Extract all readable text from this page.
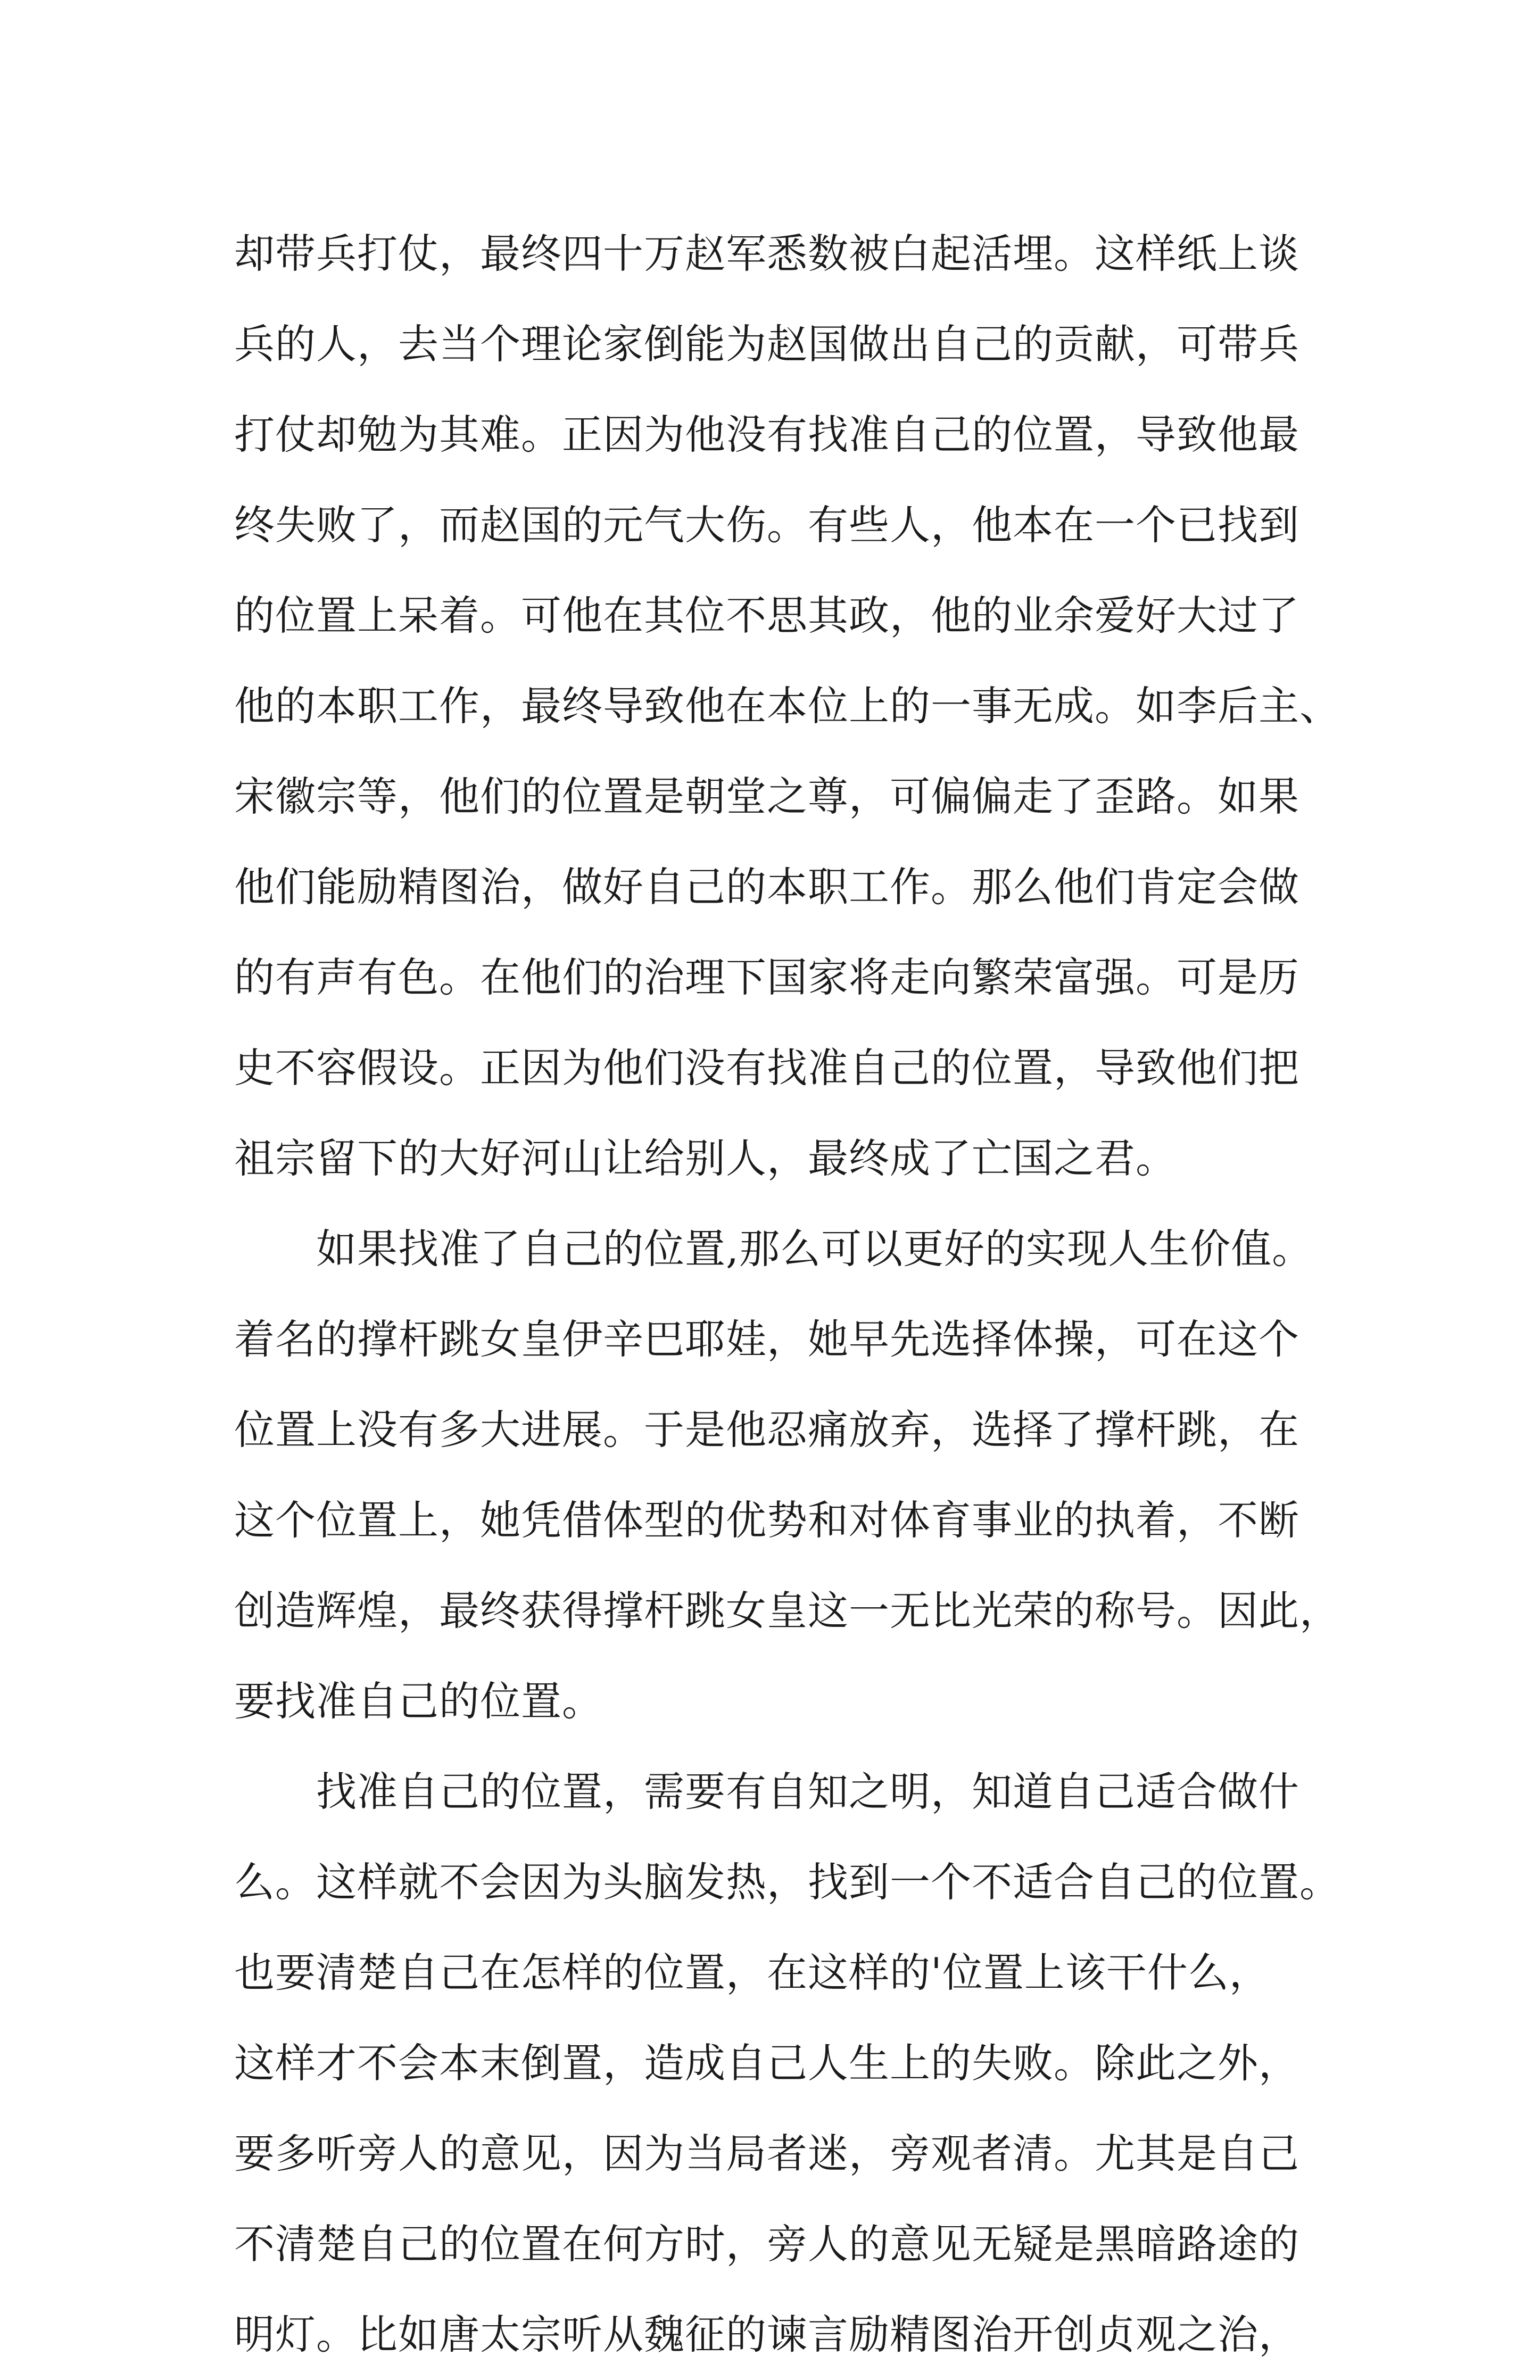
却带兵打仗，最终四十万赵军悉数被白起活埋。这样纸上谈
兵的人，去当个理论家倒能为赵国做出自己的贡献，可带兵
打仗却勉为其难。正因为他没有找准自己的位置，导致他最
终失败了，而赵国的元气大伤。有些人，他本在一个已找到
的位置上呆着。可他在其位不思其政，他的业余爱好大过了
他的本职工作，最终导致他在本位上的一事无成。如李后主、
宋徽宗等，他们的位置是朝堂之尊，可偏偏走了歪路。如果
他们能励精图治，做好自己的本职工作。那么他们肯定会做
的有声有色。在他们的治理下国家将走向繁荣富强。可是历
史不容假设。正因为他们没有找准自己的位置，导致他们把
祖宗留下的大好河山让给别人，最终成了亡国之君。
如果找准了自己的位置,那么可以更好的实现人生价值。
着名的撑杆跳女皇伊辛巴耶娃，她早先选择体操，可在这个
位置上没有多大进展。于是他忍痛放弃，选择了撑杆跳，在
这个位置上，她凭借体型的优势和对体育事业的执着，不断
创造辉煌，最终获得撑杆跳女皇这一无比光荣的称号。因此，
要找准自己的位置。
找准自己的位置，需要有自知之明，知道自己适合做什
么。这样就不会因为头脑发热，找到一个不适合自己的位置。
也要清楚自己在怎样的位置，在这样的'位置上该干什么，
这样才不会本末倒置，造成自己人生上的失败。除此之外，
要多听旁人的意见，因为当局者迷，旁观者清。尤其是自己
不清楚自己的位置在何方时，旁人的意见无疑是黑暗路途的
明灯。比如唐太宗听从魏征的谏言励精图治开创贞观之治，
